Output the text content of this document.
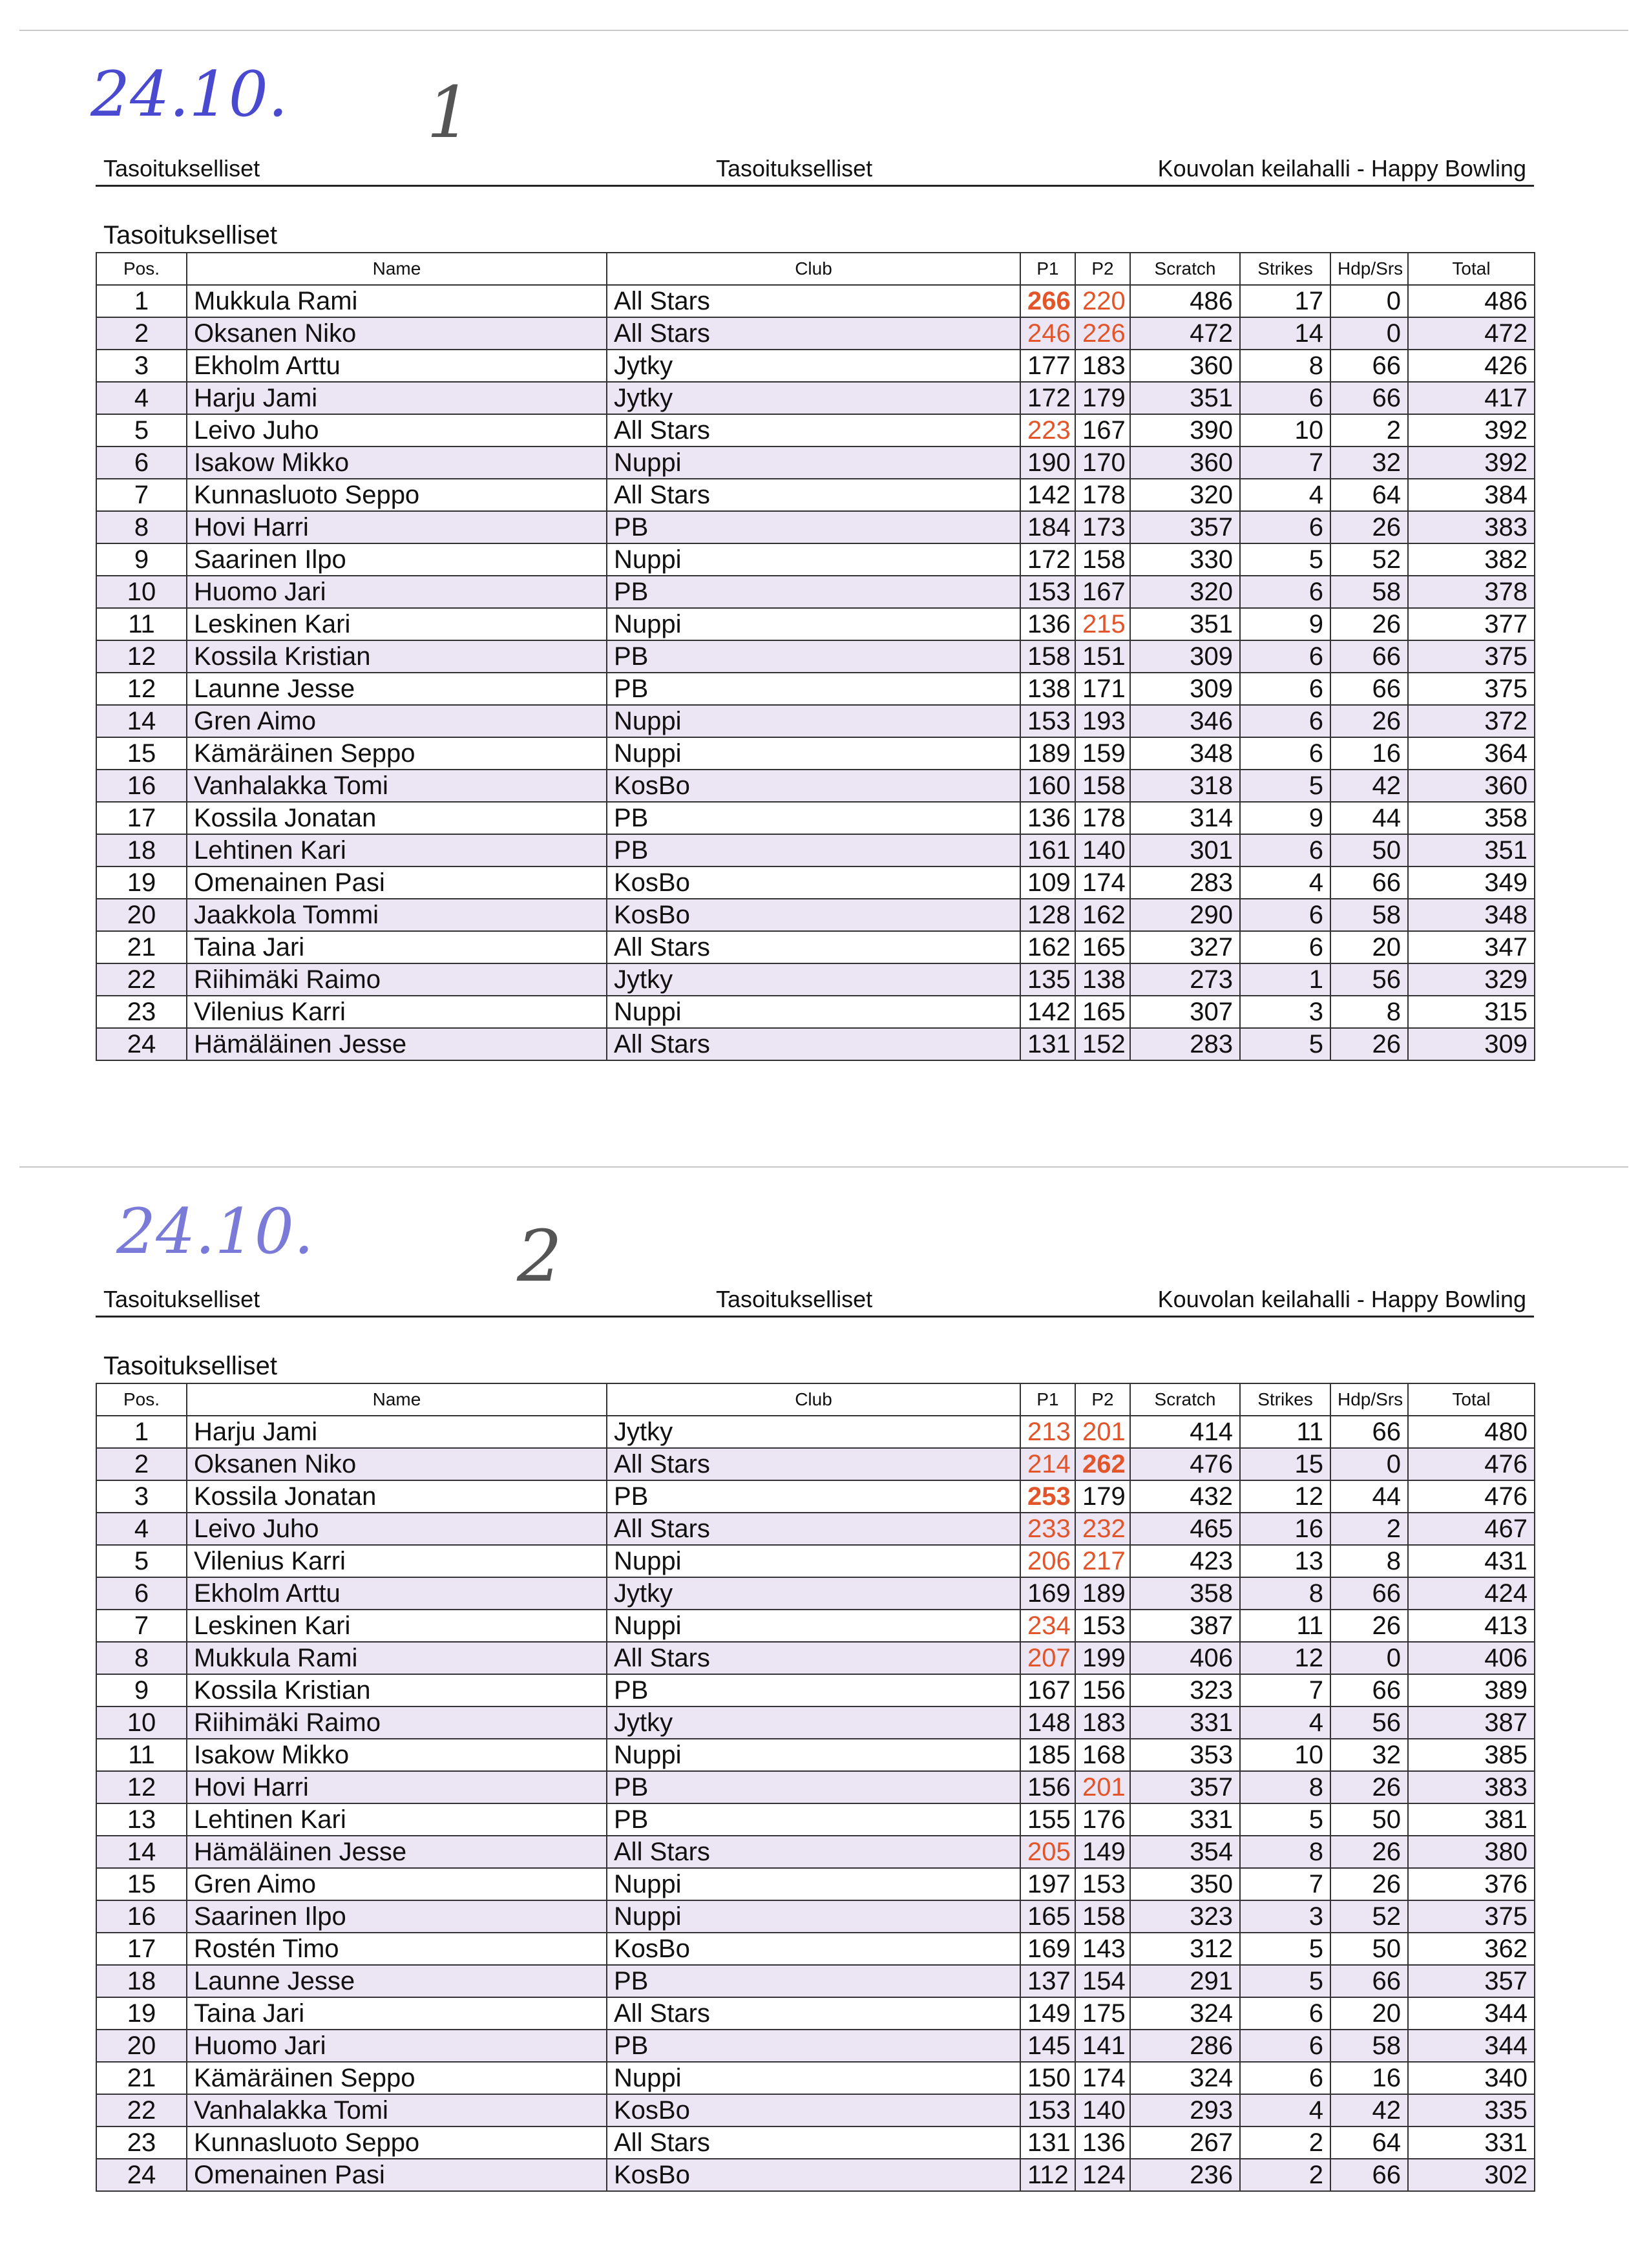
24.10. 1
Tasoitukselliset	Tasoitukselliset	Kouvolan keilahalli - Happy Bowling
Tasoitukselliset
Pos.	Name	Club	P1	P2	Scratch	Strikes	Hdp/Srs	Total
1	Mukkula Rami	All Stars	266	220	486	17	0	486
2	Oksanen Niko	All Stars	246	226	472	14	0	472
3	Ekholm Arttu	Jytky	177	183	360	8	66	426
4	Harju Jami	Jytky	172	179	351	6	66	417
5	Leivo Juho	All Stars	223	167	390	10	2	392
6	Isakow Mikko	Nuppi	190	170	360	7	32	392
7	Kunnasluoto Seppo	All Stars	142	178	320	4	64	384
8	Hovi Harri	PB	184	173	357	6	26	383
9	Saarinen Ilpo	Nuppi	172	158	330	5	52	382
10	Huomo Jari	PB	153	167	320	6	58	378
11	Leskinen Kari	Nuppi	136	215	351	9	26	377
12	Kossila Kristian	PB	158	151	309	6	66	375
12	Launne Jesse	PB	138	171	309	6	66	375
14	Gren Aimo	Nuppi	153	193	346	6	26	372
15	Kämäräinen Seppo	Nuppi	189	159	348	6	16	364
16	Vanhalakka Tomi	KosBo	160	158	318	5	42	360
17	Kossila Jonatan	PB	136	178	314	9	44	358
18	Lehtinen Kari	PB	161	140	301	6	50	351
19	Omenainen Pasi	KosBo	109	174	283	4	66	349
20	Jaakkola Tommi	KosBo	128	162	290	6	58	348
21	Taina Jari	All Stars	162	165	327	6	20	347
22	Riihimäki Raimo	Jytky	135	138	273	1	56	329
23	Vilenius Karri	Nuppi	142	165	307	3	8	315
24	Hämäläinen Jesse	All Stars	131	152	283	5	26	309
24.10.	2
Tasoitukselliset	Tasoitukselliset	Kouvolan keilahalli - Happy Bowling
Tasoitukselliset
Pos.	Name	Club	P1	P2	Scratch	Strikes	Hdp/Srs	Total
1	Harju Jami	Jytky	213	201	414	11	66	480
2	Oksanen Niko	All Stars	214	262	476	15	0	476
3	Kossila Jonatan	PB	253	179	432	12	44	476
4	Leivo Juho	All Stars	233	232	465	16	2	467
5	Vilenius Karri	Nuppi	206	217	423	13	8	431
6	Ekholm Arttu	Jytky	169	189	358	8	66	424
7	Leskinen Kari	Nuppi	234	153	387	11	26	413
8	Mukkula Rami	All Stars	207	199	406	12	0	406
9	Kossila Kristian	PB	167	156	323	7	66	389
10	Riihimäki Raimo	Jytky	148	183	331	4	56	387
11	Isakow Mikko	Nuppi	185	168	353	10	32	385
12	Hovi Harri	PB	156	201	357	8	26	383
13	Lehtinen Kari	PB	155	176	331	5	50	381
14	Hämäläinen Jesse	All Stars	205	149	354	8	26	380
15	Gren Aimo	Nuppi	197	153	350	7	26	376
16	Saarinen Ilpo	Nuppi	165	158	323	3	52	375
17	Rostén Timo	KosBo	169	143	312	5	50	362
18	Launne Jesse	PB	137	154	291	5	66	357
19	Taina Jari	All Stars	149	175	324	6	20	344
20	Huomo Jari	PB	145	141	286	6	58	344
21	Kämäräinen Seppo	Nuppi	150	174	324	6	16	340
22	Vanhalakka Tomi	KosBo	153	140	293	4	42	335
23	Kunnasluoto Seppo	All Stars	131	136	267	2	64	331
24	Omenainen Pasi	KosBo	112	124	236	2	66	302
